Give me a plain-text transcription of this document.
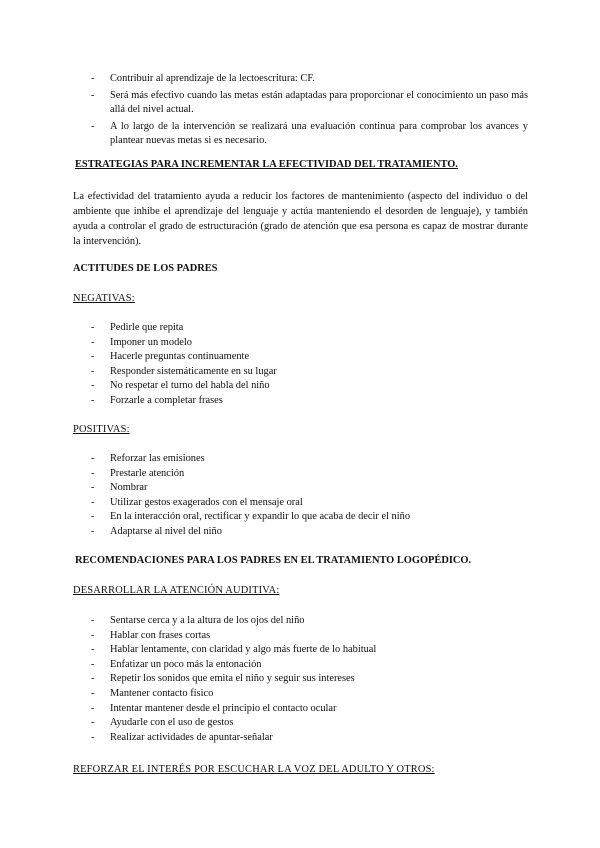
- Contribuir al aprendizaje de la lectoescritura: CF.
- Será más efectivo cuando las metas están adaptadas para proporcionar el conocimiento un paso más allá del nivel actual.
- A lo largo de la intervención se realizará una evaluación continua para comprobar los avances y plantear nuevas metas si es necesario.
ESTRATEGIAS PARA INCREMENTAR LA EFECTIVIDAD DEL TRATAMIENTO.

La efectividad del tratamiento ayuda a reducir los factores de mantenimiento (aspecto del individuo o del ambiente que inhibe el aprendizaje del lenguaje y actúa manteniendo el desorden de lenguaje), y también ayuda a controlar el grado de estructuración (grado de atención que esa persona es capaz de mostrar durante la intervención).

ACTITUDES DE LOS PADRES
NEGATIVAS:
- Pedirle que repita
- Imponer un modelo
- Hacerle preguntas continuamente
- Responder sistemáticamente en su lugar
- No respetar el turno del habla del niño
- Forzarle a completar frases
POSITIVAS:
- Reforzar las emisiones
- Prestarle atención
- Nombrar
- Utilizar gestos exagerados con el mensaje oral
- En la interacción oral, rectificar y expandir lo que acaba de decir el niño
- Adaptarse al nivel del niño
RECOMENDACIONES PARA LOS PADRES EN EL TRATAMIENTO LOGOPÉDICO.
DESARROLLAR LA ATENCIÓN AUDITIVA:
- Sentarse cerca y a la altura de los ojos del niño
- Hablar con frases cortas
- Hablar lentamente, con claridad y algo más fuerte de lo habitual
- Enfatizar un poco más la entonación
- Repetir los sonidos que emita el niño y seguir sus intereses
- Mantener contacto físico
- Intentar mantener desde el principio el contacto ocular
- Ayudarle con el uso de gestos
- Realizar actividades de apuntar-señalar
REFORZAR EL INTERÉS POR ESCUCHAR LA VOZ DEL ADULTO Y OTROS:
